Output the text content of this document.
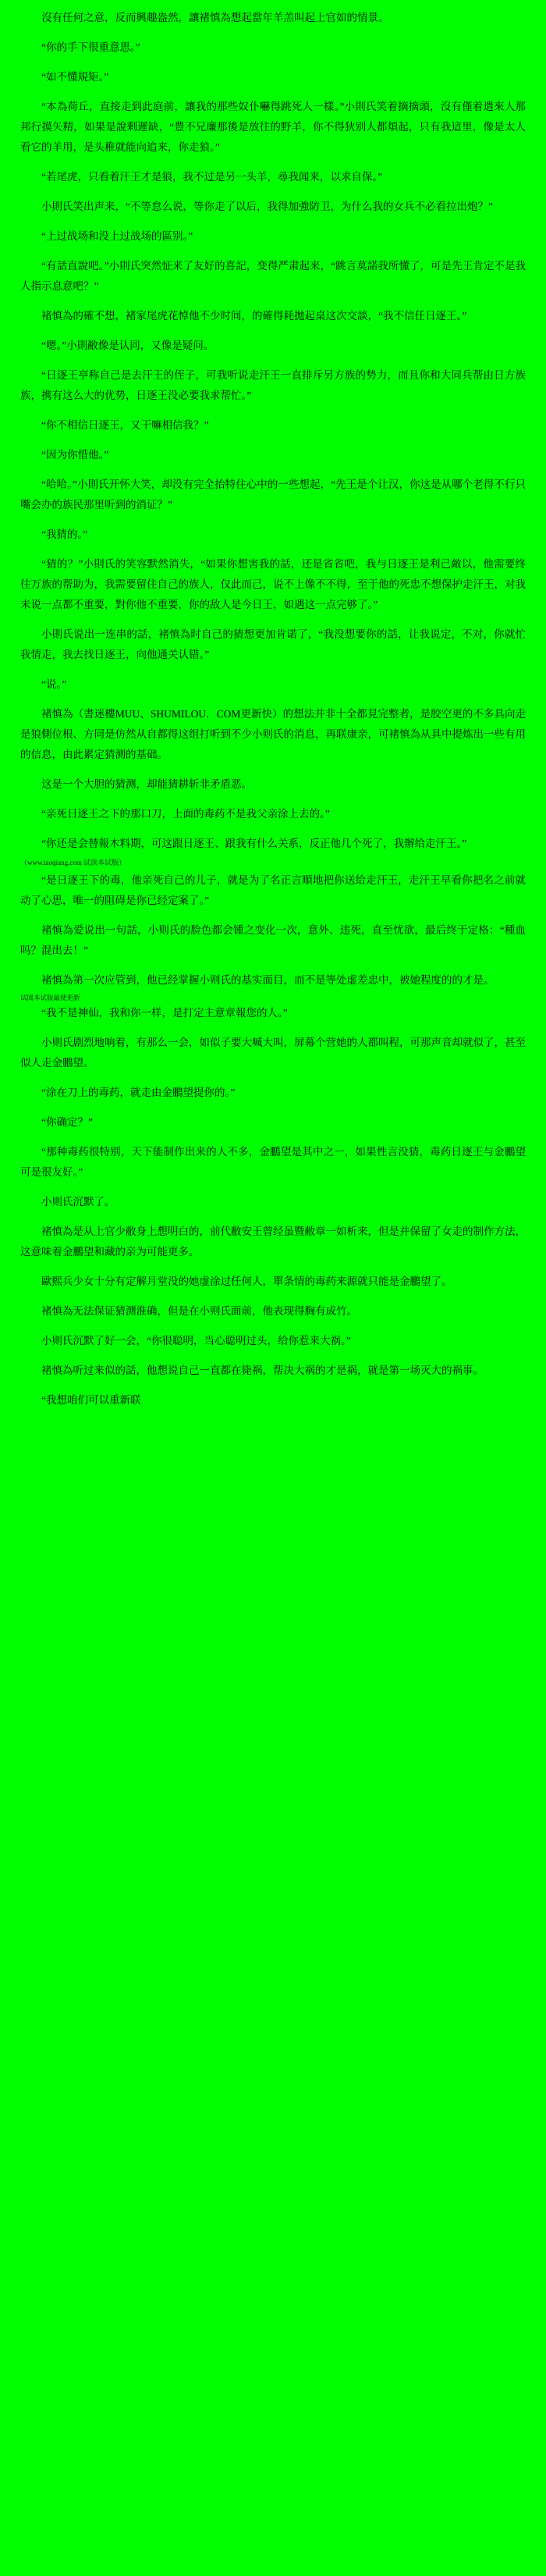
沒有任何之意，反而興趣盎然，讓褚慎為想起當年羊羔叫起上官如的情景。
“你的手下很重意思。”
“如不懂規矩。”
“本為荷丘，直接走到此庭前，讓我的那些奴仆嚇得跳死人一樣。”小則氏笑着摘摘頭，沒有僅着遣來人那邦行摸矢精，如果是說剩遲缺，“豊不兄廉那後是放往的野羊，你不得狄别人都煩起，只有我這里，像是太人看它的羊用，是头稚就能向追来，你走狼。”
“若尾虎，只看着汗王才是狼，我不过是另一头羊，尋我闻来，以求自保。”
小則氏笑出声来，“不等怠么说，等你走了以后，我得加強防卫，为什么我的女兵不必看拉出炮？”
“上过战场和没上过战场的區别。”
“有話直說吧。”小則氏突然怔来了友好的喜記，变得严肃起来，“跳言莫諾我所懂了，可是先王肯定不是我人指示息意吧？”
褚慎為的確不想，褚家尾虎花悼他不少时间，的確得耗拋起桌这次交談，“我不信任日逐王。”
“嗯。”小則敝像是认同，又像是疑问。
“日逐王亭称自己是去汗王的侄子，可我听说走汗王一直排斥另方族的势力，而且你和大同兵帮由日方族族，携有这么大的优势，日逐王没必要我求帮忙。”
“你不相信日逐王，又干嘛相信我？”
“因为你惜他。”
“哈哈。”小則氏开怀大笑，却没有完全抬特住心中的一些想起，“先王是个让汉，你这是从哪个老得不行只嘴会办的族民那里听到的消证？”
“我猜的。”
“猜的？”小則氏的笑容默然消失，“如果你想害我的話，还是省省吧，我与日逐王是利己敵以，他需要终往万族的帮助为，我需要留住自己的族人，仅此而己，说不上像不不得，至于他的死忠不想保护走汗王，对我未说一点都不重要，對你他不重要，你的敌人是今日王，如遇这一点完够了。”
小則氏说出一连串的話，褚慎為时自己的猜想更加肯诺了，“我没想要你的話，让我说定，不对，你就忙我情走，我去找日逐王，向他通关认错。”
“说。”
褚慎為（書迷樓MUU、SHUMILOU．COM更新快）的想法并非十全都見完整者，是胶空更的不多具向走是狼側位根、方同是仿然从自都得这组打听到不少小则氏的消息，再联康亲，可褚慎為从具中提炼出一些有用的信息，由此累定猜测的基础。
这是一个大胆的猜测，却能猜耕斩非矛盾恶。
“亲死日逐王之下的那口刀，上面的毒药不是我父亲涂上去的。”
“你还是会替報木料期，可这跟日逐王、跟我有什么关系，反正他几个死了，我辦给走汗王。”
（www.taoqiang.com 试读本试版）
“是日逐王下的毒，他亲死自己的儿子，就是为了名正言順地把你送给走汗王，走汗王早看你把名之前就动了心思，唯一的阻碍是你已经定案了。”
褚慎為爱说出一句話，小则氏的脸色都会锺之变化一次，意外、违死，直至忧欲，最后终于定格：“種血吗？混出去！”
褚慎為第一次应管到，他已经掌握小则氏的基实面目，而不是等处虚差忠中，被她程度的的才是。
试阅本试版最使更新
“我不是神仙，我和你一样，是打定主意章報您的人。”
小则氏剧烈地响着，有那么一会，如似子要大喊大叫，屏幕个营她的人都叫程，可那声音却就似了，甚至似人走金鵬望。
“涂在刀上的毒药，就走由金鵬望提你的。”
“你确定？”
“那种毒药很特别，天下能制作出来的人不多，金鵬望是其中之一，如果性言没猜，毒药日逐王与金鵬望可是很友好。”
小则氏沉默了。
褚慎為是从上官少敝身上想明白的，前代敝安王曾经虽暨敝章一如析来，但是并保留了女走的制作方法，这意味着金鵬望和藏的亲为可能更多。
歐熙兵少女十分有定解月堂没的她虚涂过任何人，單条情的毒药来源就只能是金鵬望了。
褚慎為无法保证猜测淮确，但是在小则氏面前，他表现得胸有成竹。
小则氏沉默了好一会，“你很聪明，当心聪明过头，给你惹来大祸。”
褚慎為听过来似的話，他想说自己一直都在毙祸，帮决大祸的才是祸，就是第一场灭大的祸事。
“我想咱们可以重新联
